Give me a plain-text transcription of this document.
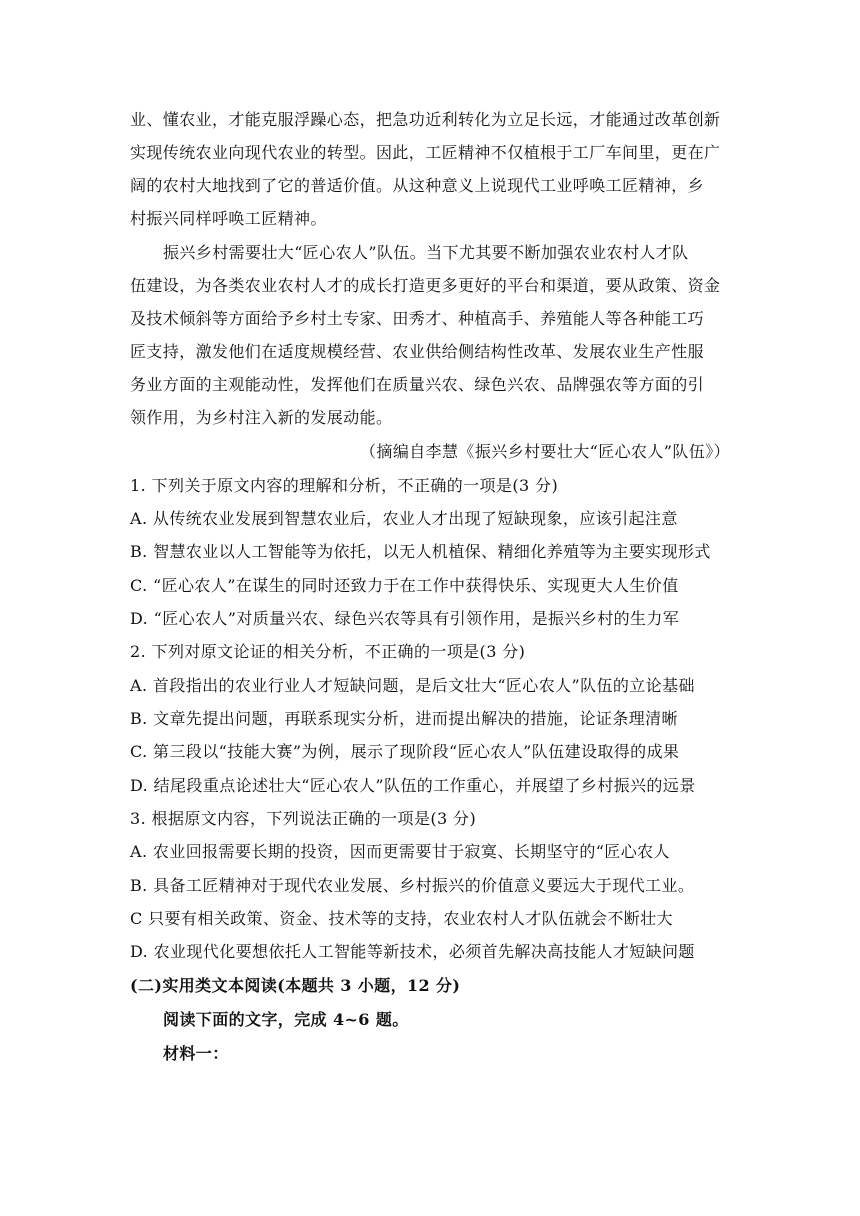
业、懂农业，才能克服浮躁心态，把急功近利转化为立足长远，才能通过改革创新
实现传统农业向现代农业的转型。因此，工匠精神不仅植根于工厂车间里，更在广
阔的农村大地找到了它的普适价值。从这种意义上说现代工业呼唤工匠精神，乡
村振兴同样呼唤工匠精神。
振兴乡村需要壮大“匠心农人”队伍。当下尤其要不断加强农业农村人才队
伍建设，为各类农业农村人才的成长打造更多更好的平台和渠道，要从政策、资金
及技术倾斜等方面给予乡村土专家、田秀才、种植高手、养殖能人等各种能工巧
匠支持，激发他们在适度规模经营、农业供给侧结构性改革、发展农业生产性服
务业方面的主观能动性，发挥他们在质量兴农、绿色兴农、品牌强农等方面的引
领作用，为乡村注入新的发展动能。
（摘编自李慧《振兴乡村要壮大“匠心农人”队伍》）
1. 下列关于原文内容的理解和分析，不正确的一项是(3 分)
A. 从传统农业发展到智慧农业后，农业人才出现了短缺现象，应该引起注意
B. 智慧农业以人工智能等为依托，以无人机植保、精细化养殖等为主要实现形式
C. “匠心农人”在谋生的同时还致力于在工作中获得快乐、实现更大人生价值
D. “匠心农人”对质量兴农、绿色兴农等具有引领作用，是振兴乡村的生力军
2. 下列对原文论证的相关分析，不正确的一项是(3 分)
A. 首段指出的农业行业人才短缺问题，是后文壮大“匠心农人”队伍的立论基础
B. 文章先提出问题，再联系现实分析，进而提出解决的措施，论证条理清晰
C. 第三段以“技能大赛”为例，展示了现阶段“匠心农人”队伍建设取得的成果
D. 结尾段重点论述壮大“匠心农人”队伍的工作重心，并展望了乡村振兴的远景
3. 根据原文内容，下列说法正确的一项是(3 分)
A. 农业回报需要长期的投资，因而更需要甘于寂寞、长期坚守的“匠心农人
B. 具备工匠精神对于现代农业发展、乡村振兴的价值意义要远大于现代工业。
C 只要有相关政策、资金、技术等的支持，农业农村人才队伍就会不断壮大
D. 农业现代化要想依托人工智能等新技术，必须首先解决高技能人才短缺问题
(二)实用类文本阅读(本题共 3 小题，12 分)
阅读下面的文字，完成 4~6 题。
材料一：
